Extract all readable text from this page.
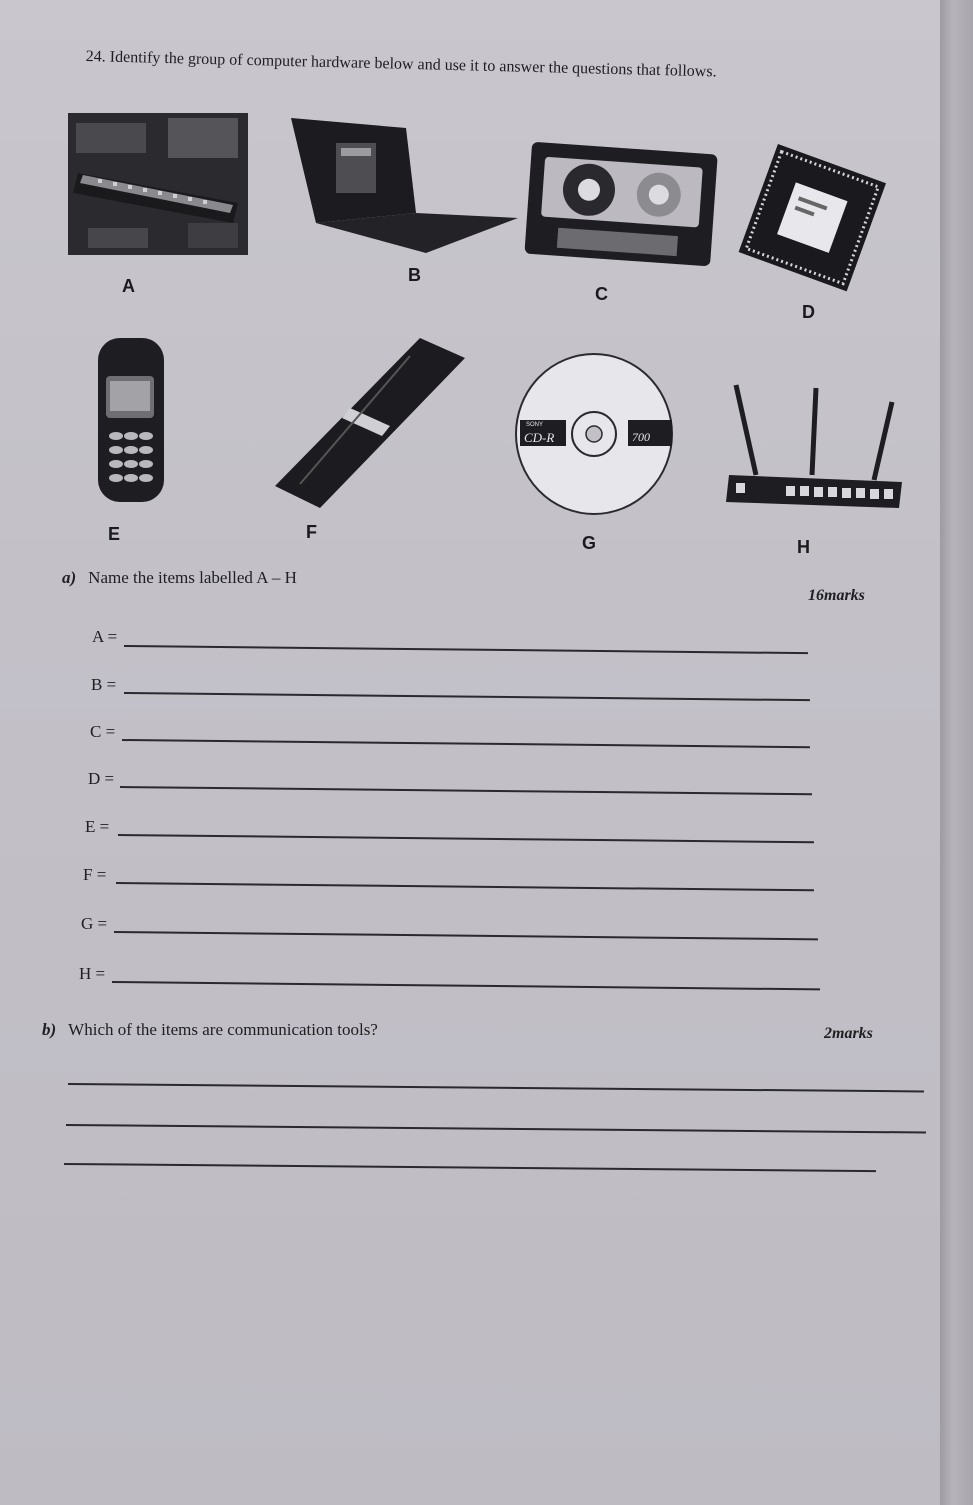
24. Identify the group of computer hardware below and use it to answer the questions that follows.
A
B
C
D
E	F
SONY
CD-R	700
G	H
a) Name the items labelled A – H
16marks
A =
B =
C =
D =
E =
F =
G =
H =
b) Which of the items are communication tools?	2marks
